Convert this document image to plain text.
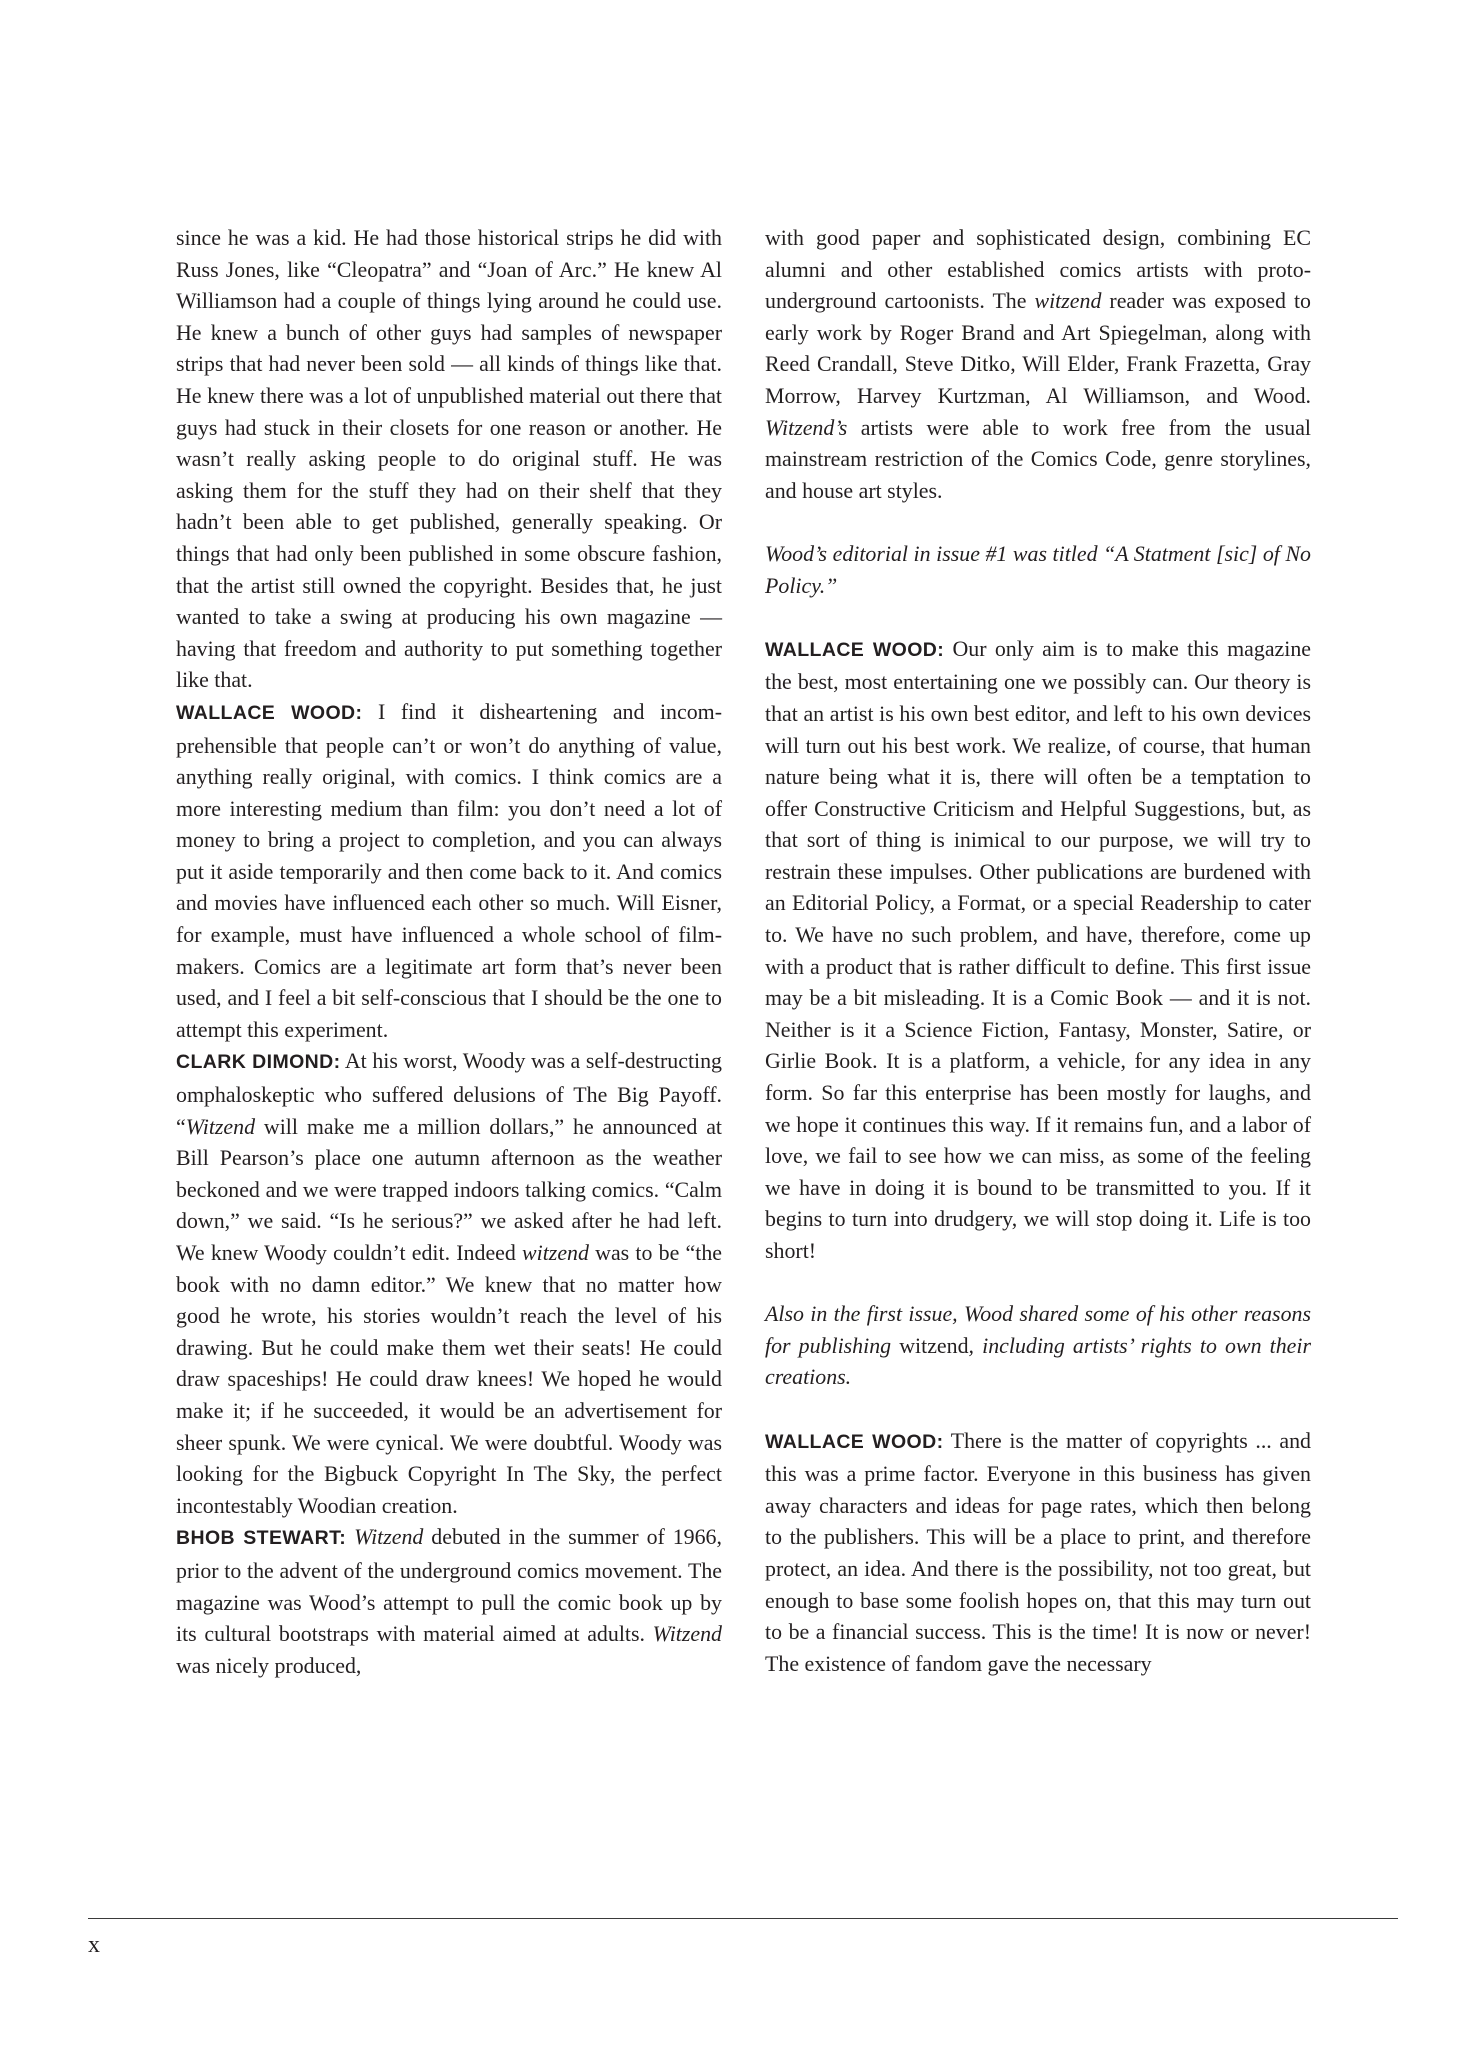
since he was a kid. He had those historical strips he did with Russ Jones, like “Cleopatra” and “Joan of Arc.” He knew Al Williamson had a couple of things lying around he could use. He knew a bunch of other guys had samples of newspaper strips that had never been sold — all kinds of things like that. He knew there was a lot of unpublished material out there that guys had stuck in their closets for one reason or another. He wasn’t really asking people to do original stuff. He was asking them for the stuff they had on their shelf that they hadn’t been able to get published, generally speaking. Or things that had only been published in some obscure fashion, that the artist still owned the copyright. Besides that, he just wanted to take a swing at producing his own magazine — having that freedom and authority to put something together like that.

WALLACE WOOD: I find it disheartening and incomprehensible that people can’t or won’t do anything of value, anything really original, with comics. I think comics are a more interesting medium than film: you don’t need a lot of money to bring a project to completion, and you can always put it aside temporarily and then come back to it. And comics and movies have influenced each other so much. Will Eisner, for example, must have influenced a whole school of filmmakers. Comics are a legitimate art form that’s never been used, and I feel a bit self-conscious that I should be the one to attempt this experiment.

CLARK DIMOND: At his worst, Woody was a self-destructing omphaloskeptic who suffered delusions of The Big Payoff. “Witzend will make me a million dollars,” he announced at Bill Pearson’s place one autumn afternoon as the weather beckoned and we were trapped indoors talking comics. “Calm down,” we said. “Is he serious?” we asked after he had left. We knew Woody couldn’t edit. Indeed witzend was to be “the book with no damn editor.” We knew that no matter how good he wrote, his stories wouldn’t reach the level of his drawing. But he could make them wet their seats! He could draw spaceships! He could draw knees! We hoped he would make it; if he succeeded, it would be an advertisement for sheer spunk. We were cynical. We were doubtful. Woody was looking for the Bigbuck Copyright In The Sky, the perfect incontestably Woodian creation.

BHOB STEWART: Witzend debuted in the summer of 1966, prior to the advent of the underground comics movement. The magazine was Wood’s attempt to pull the comic book up by its cultural bootstraps with material aimed at adults. Witzend was nicely produced,

with good paper and sophisticated design, combining EC alumni and other established comics artists with proto-underground cartoonists. The witzend reader was exposed to early work by Roger Brand and Art Spiegelman, along with Reed Crandall, Steve Ditko, Will Elder, Frank Frazetta, Gray Morrow, Harvey Kurtzman, Al Williamson, and Wood. Witzend’s artists were able to work free from the usual mainstream restriction of the Comics Code, genre storylines, and house art styles.

Wood’s editorial in issue #1 was titled “A Statment [sic] of No Policy.”

WALLACE WOOD: Our only aim is to make this magazine the best, most entertaining one we possibly can. Our theory is that an artist is his own best editor, and left to his own devices will turn out his best work. We realize, of course, that human nature being what it is, there will often be a temptation to offer Constructive Criticism and Helpful Suggestions, but, as that sort of thing is inimical to our purpose, we will try to restrain these impulses. Other publications are burdened with an Editorial Policy, a Format, or a special Readership to cater to. We have no such problem, and have, therefore, come up with a product that is rather difficult to define. This first issue may be a bit misleading. It is a Comic Book — and it is not. Neither is it a Science Fiction, Fantasy, Monster, Satire, or Girlie Book. It is a platform, a vehicle, for any idea in any form. So far this enterprise has been mostly for laughs, and we hope it continues this way. If it remains fun, and a labor of love, we fail to see how we can miss, as some of the feeling we have in doing it is bound to be transmitted to you. If it begins to turn into drudgery, we will stop doing it. Life is too short!

Also in the first issue, Wood shared some of his other reasons for publishing witzend, including artists’ rights to own their creations.

WALLACE WOOD: There is the matter of copyrights ... and this was a prime factor. Everyone in this business has given away characters and ideas for page rates, which then belong to the publishers. This will be a place to print, and therefore protect, an idea. And there is the possibility, not too great, but enough to base some foolish hopes on, that this may turn out to be a financial success. This is the time! It is now or never! The existence of fandom gave the necessary

x
